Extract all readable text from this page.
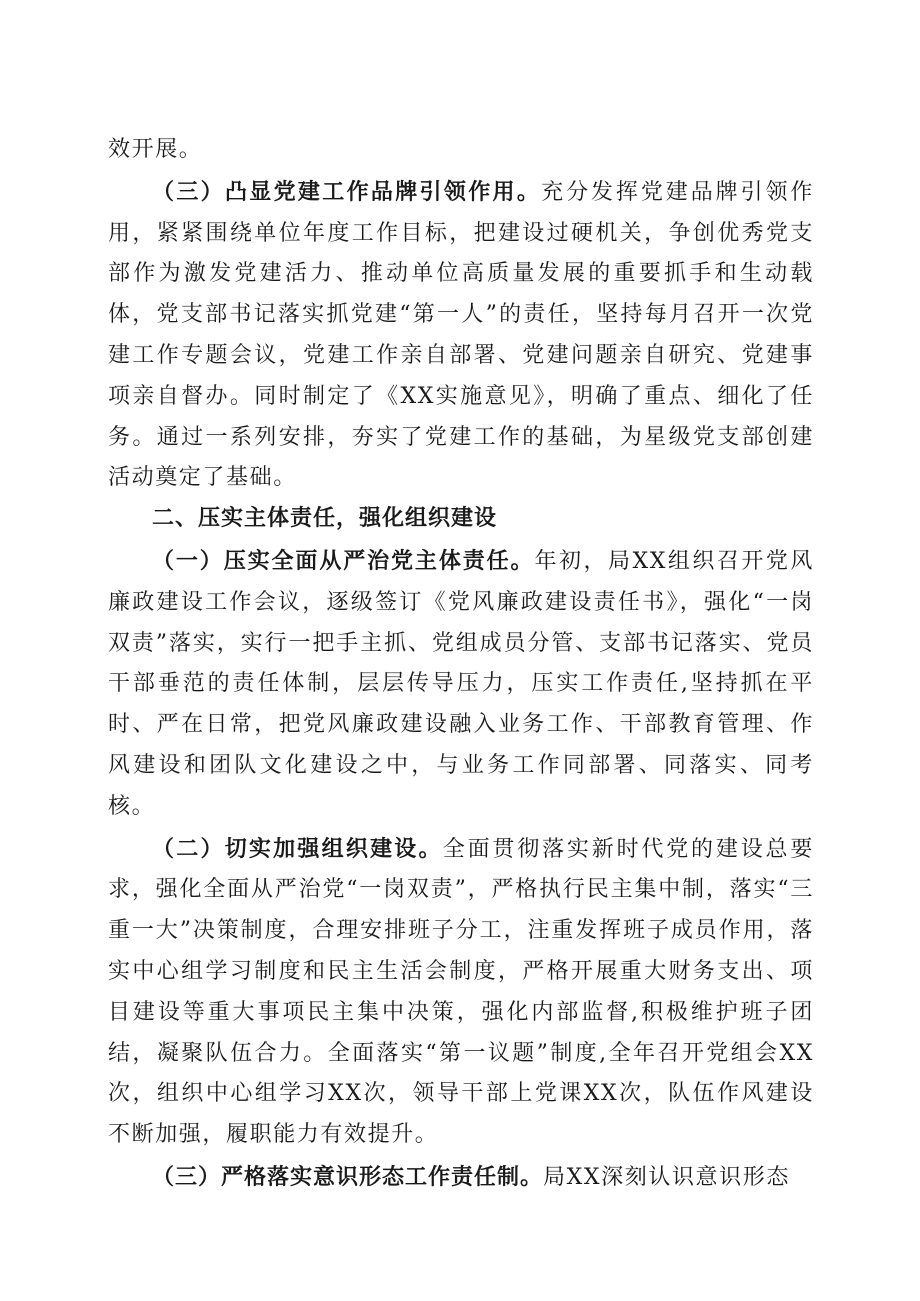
效开展。

（三）凸显党建工作品牌引领作用。充分发挥党建品牌引领作用，紧紧围绕单位年度工作目标，把建设过硬机关，争创优秀党支部作为激发党建活力、推动单位高质量发展的重要抓手和生动载体，党支部书记落实抓党建“第一人”的责任，坚持每月召开一次党建工作专题会议，党建工作亲自部署、党建问题亲自研究、党建事项亲自督办。同时制定了《XX实施意见》，明确了重点、细化了任务。通过一系列安排，夯实了党建工作的基础，为星级党支部创建活动奠定了基础。

二、压实主体责任，强化组织建设

（一）压实全面从严治党主体责任。年初，局XX组织召开党风廉政建设工作会议，逐级签订《党风廉政建设责任书》，强化“一岗双责”落实，实行一把手主抓、党组成员分管、支部书记落实、党员干部垂范的责任体制，层层传导压力，压实工作责任,坚持抓在平时、严在日常，把党风廉政建设融入业务工作、干部教育管理、作风建设和团队文化建设之中，与业务工作同部署、同落实、同考核。

（二）切实加强组织建设。全面贯彻落实新时代党的建设总要求，强化全面从严治党“一岗双责”，严格执行民主集中制，落实“三重一大”决策制度，合理安排班子分工，注重发挥班子成员作用，落实中心组学习制度和民主生活会制度，严格开展重大财务支出、项目建设等重大事项民主集中决策，强化内部监督,积极维护班子团结，凝聚队伍合力。全面落实“第一议题”制度,全年召开党组会XX次，组织中心组学习XX次，领导干部上党课XX次，队伍作风建设不断加强，履职能力有效提升。

（三）严格落实意识形态工作责任制。局XX深刻认识意识形态
